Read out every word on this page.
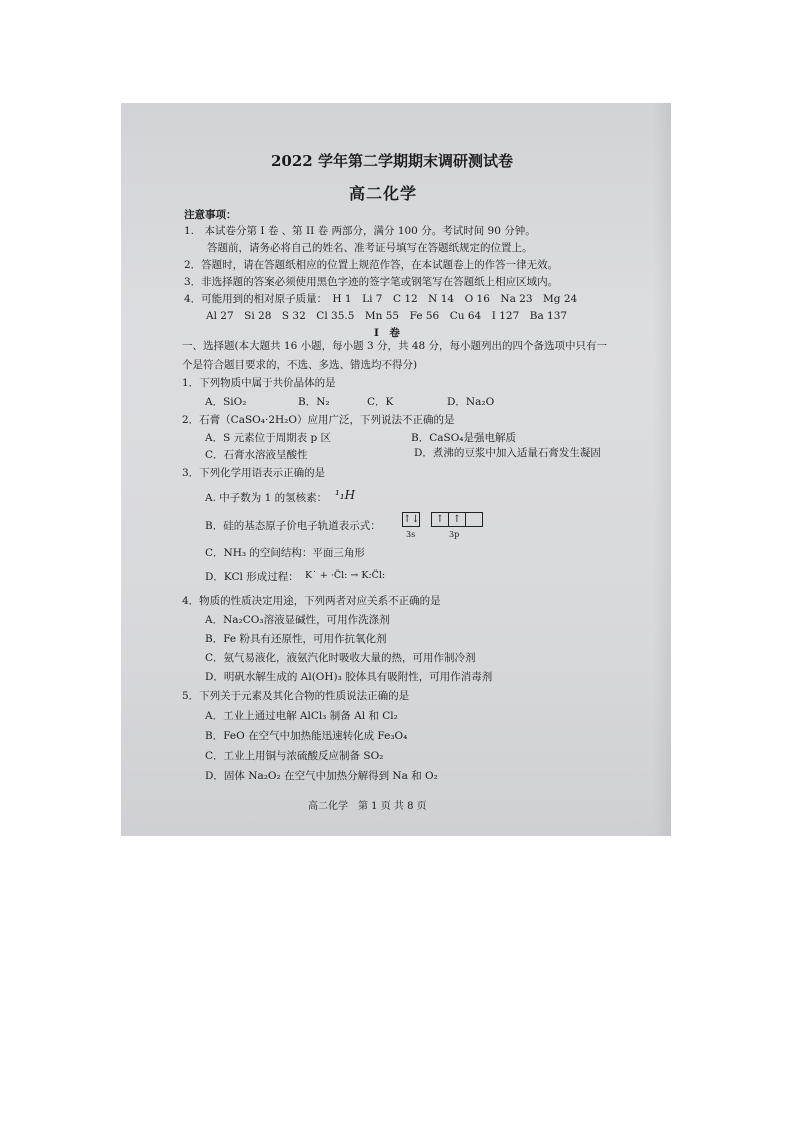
2022 学年第二学期期末调研测试卷
高二化学
注意事项：
1.　本试卷分第 I 卷 、第 II 卷 两部分，满分 100 分。考试时间 90 分钟。
答题前，请务必将自己的姓名、准考证号填写在答题纸规定的位置上。
2．答题时，请在答题纸相应的位置上规范作答，在本试题卷上的作答一律无效。
3．非选择题的答案必须使用黑色字迹的签字笔或钢笔写在答题纸上相应区域内。
4．可能用到的相对原子质量：　H 1　Li 7　C 12　N 14　O 16　Na 23　Mg 24
Al 27　Si 28　S 32　Cl 35.5　Mn 55　Fe 56　Cu 64　I 127　Ba 137
I　卷
一、选择题(本大题共 16 小题，每小题 3 分，共 48 分，每小题列出的四个备选项中只有一
个是符合题目要求的，不选、多选、错选均不得分)
1．下列物质中属于共价晶体的是
A．SiO₂	B．N₂	C．K	D．Na₂O
2．石膏（CaSO₄·2H₂O）应用广泛，下列说法不正确的是
A．S 元素位于周期表 p 区	B．CaSO₄是强电解质
C．石膏水溶液呈酸性	D．煮沸的豆浆中加入适量石膏发生凝固
3．下列化学用语表示正确的是
A. 中子数为 1 的氢核素： ¹₁H
B．硅的基态原子价电子轨道表示式：
↑↓	↑ ↑
3s	3p
C．NH₃ 的空间结构：平面三角形
D．KCl 形成过程： K˙ + ·C̈l: → K:C̈l:
4．物质的性质决定用途，下列两者对应关系不正确的是
A．Na₂CO₃溶液显碱性，可用作洗涤剂
B．Fe 粉具有还原性，可用作抗氧化剂
C．氨气易液化，液氨汽化时吸收大量的热，可用作制冷剂
D．明矾水解生成的 Al(OH)₃ 胶体具有吸附性，可用作消毒剂
5．下列关于元素及其化合物的性质说法正确的是
A．工业上通过电解 AlCl₃ 制备 Al 和 Cl₂
B．FeO 在空气中加热能迅速转化成 Fe₃O₄
C．工业上用铜与浓硫酸反应制备 SO₂
D．固体 Na₂O₂ 在空气中加热分解得到 Na 和 O₂
高二化学　第 1 页 共 8 页
